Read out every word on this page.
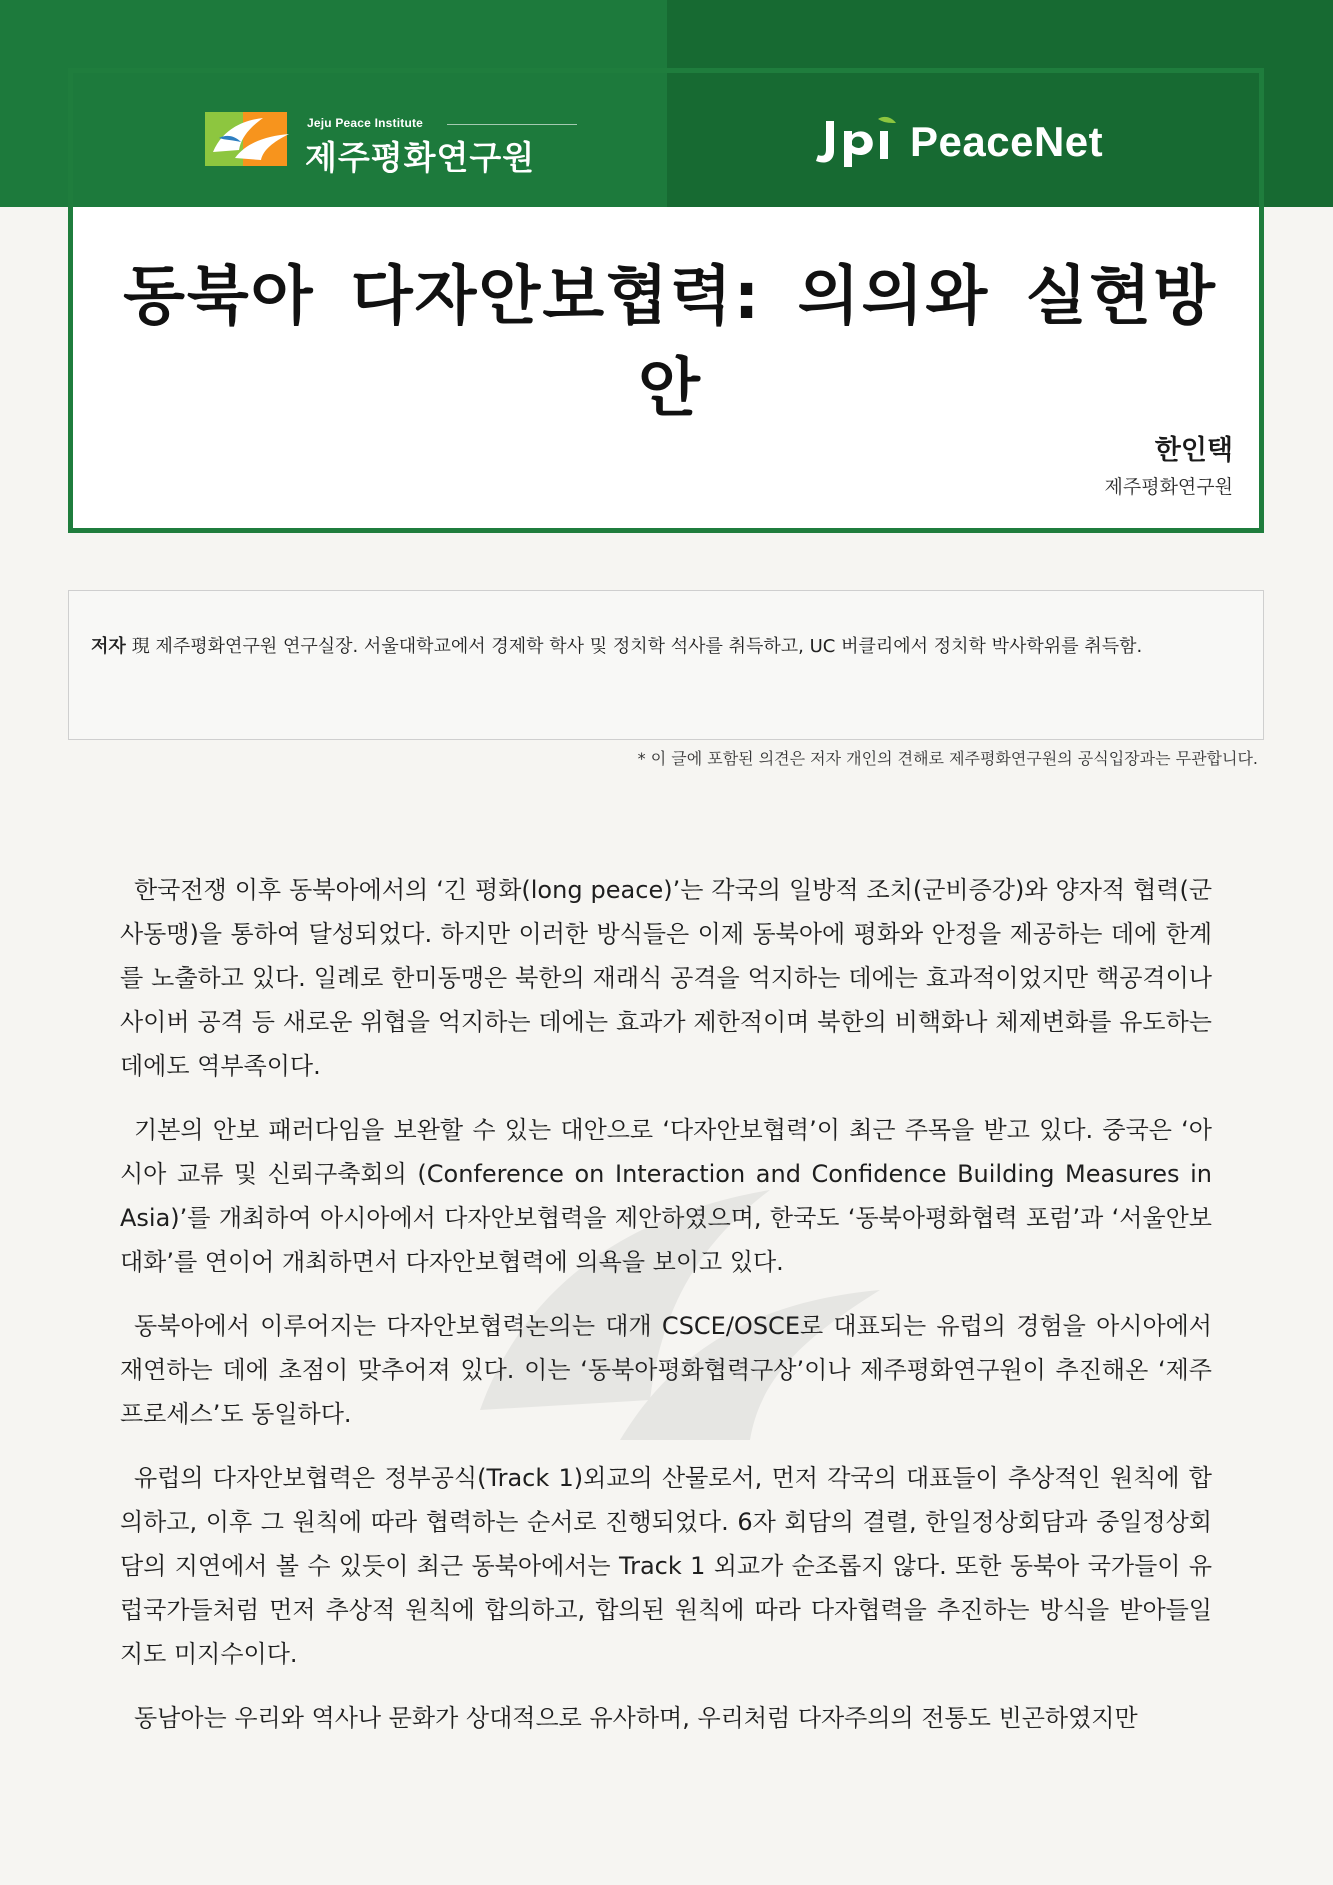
Jeju Peace Institute
제주평화연구원	PeaceNet
동북아 다자안보협력: 의의와 실현방안
한인택
제주평화연구원
저자 現 제주평화연구원 연구실장. 서울대학교에서 경제학 학사 및 정치학 석사를 취득하고, UC 버클리에서 정치학 박사학위를 취득함.
* 이 글에 포함된 의견은 저자 개인의 견해로 제주평화연구원의 공식입장과는 무관합니다.

한국전쟁 이후 동북아에서의 ‘긴 평화(long peace)’는 각국의 일방적 조치(군비증강)와 양자적 협력(군사동맹)을 통하여 달성되었다. 하지만 이러한 방식들은 이제 동북아에 평화와 안정을 제공하는 데에 한계를 노출하고 있다. 일례로 한미동맹은 북한의 재래식 공격을 억지하는 데에는 효과적이었지만 핵공격이나 사이버 공격 등 새로운 위협을 억지하는 데에는 효과가 제한적이며 북한의 비핵화나 체제변화를 유도하는 데에도 역부족이다.

기본의 안보 패러다임을 보완할 수 있는 대안으로 ‘다자안보협력’이 최근 주목을 받고 있다. 중국은 ‘아시아 교류 및 신뢰구축회의 (Conference on Interaction and Confidence Building Measures in Asia)’를 개최하여 아시아에서 다자안보협력을 제안하였으며, 한국도 ‘동북아평화협력 포럼’과 ‘서울안보대화’를 연이어 개최하면서 다자안보협력에 의욕을 보이고 있다.

동북아에서 이루어지는 다자안보협력논의는 대개 CSCE/OSCE로 대표되는 유럽의 경험을 아시아에서 재연하는 데에 초점이 맞추어져 있다. 이는 ‘동북아평화협력구상’이나 제주평화연구원이 추진해온 ‘제주프로세스’도 동일하다.

유럽의 다자안보협력은 정부공식(Track 1)외교의 산물로서, 먼저 각국의 대표들이 추상적인 원칙에 합의하고, 이후 그 원칙에 따라 협력하는 순서로 진행되었다. 6자 회담의 결렬, 한일정상회담과 중일정상회담의 지연에서 볼 수 있듯이 최근 동북아에서는 Track 1 외교가 순조롭지 않다. 또한 동북아 국가들이 유럽국가들처럼 먼저 추상적 원칙에 합의하고, 합의된 원칙에 따라 다자협력을 추진하는 방식을 받아들일 지도 미지수이다.

동남아는 우리와 역사나 문화가 상대적으로 유사하며, 우리처럼 다자주의의 전통도 빈곤하였지만
